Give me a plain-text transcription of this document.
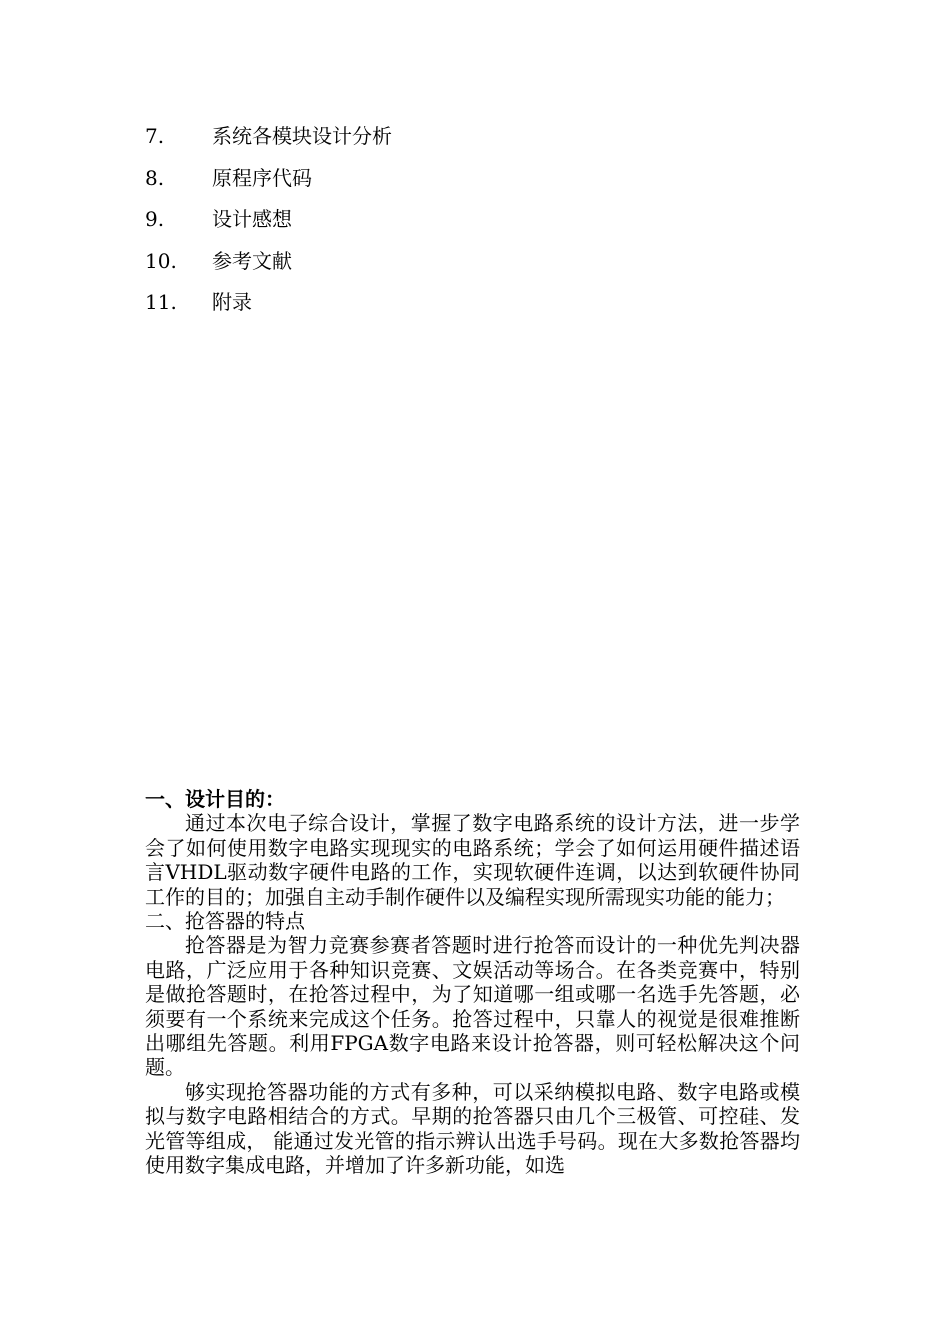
7. 系统各模块设计分析
8. 原程序代码
9. 设计感想
10. 参考文献
11. 附录
一、设计目的：

通过本次电子综合设计，掌握了数字电路系统的设计方法，进一步学会了如何使用数字电路实现现实的电路系统；学会了如何运用硬件描述语言VHDL驱动数字硬件电路的工作，实现软硬件连调，以达到软硬件协同工作的目的；加强自主动手制作硬件以及编程实现所需现实功能的能力；

二、抢答器的特点

抢答器是为智力竞赛参赛者答题时进行抢答而设计的一种优先判决器电路，广泛应用于各种知识竞赛、文娱活动等场合。在各类竞赛中，特别是做抢答题时，在抢答过程中，为了知道哪一组或哪一名选手先答题，必须要有一个系统来完成这个任务。抢答过程中，只靠人的视觉是很难推断出哪组先答题。利用FPGA数字电路来设计抢答器，则可轻松解决这个问题。

够实现抢答器功能的方式有多种，可以采纳模拟电路、数字电路或模拟与数字电路相结合的方式。早期的抢答器只由几个三极管、可控硅、发光管等组成， 能通过发光管的指示辨认出选手号码。现在大多数抢答器均使用数字集成电路，并增加了许多新功能，如选
